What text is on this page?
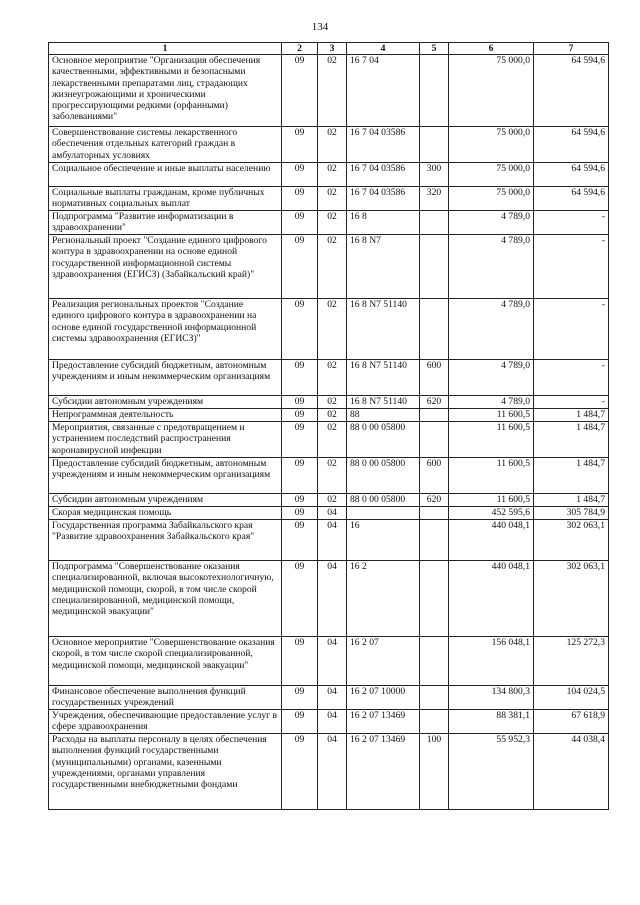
134
1	2	3	4	5	6	7
Основное мероприятие "Организация обеспечения качественными, эффективными и безопасными лекарственными препаратами лиц, страдающих жизнеугрожающими и хроническими прогрессирующими редкими (орфанными) заболеваниями"	09	02	16 7 04		75 000,0	64 594,6
Совершенствование системы лекарственного обеспечения отдельных категорий граждан в амбулаторных условиях	09	02	16 7 04 03586		75 000,0	64 594,6
Социальное обеспечение и иные выплаты населению	09	02	16 7 04 03586	300	75 000,0	64 594,6
Социальные выплаты гражданам, кроме публичных нормативных социальных выплат	09	02	16 7 04 03586	320	75 000,0	64 594,6
Подпрограмма "Развитие информатизации в здравоохранении"	09	02	16 8		4 789,0	-
Региональный проект "Создание единого цифрового контура в здравоохранении на основе единой государственной информационной системы здравоохранения (ЕГИСЗ) (Забайкальский край)"	09	02	16 8 N7		4 789,0	-
Реализация региональных проектов "Создание единого цифрового контура в здравоохранении на основе единой государственной информационной системы здравоохранения (ЕГИСЗ)"	09	02	16 8 N7 51140		4 789,0	-
Предоставление субсидий бюджетным, автономным учреждениям и иным некоммерческим организациям	09	02	16 8 N7 51140	600	4 789,0	-
Субсидии автономным учреждениям	09	02	16 8 N7 51140	620	4 789,0	-
Непрограммная деятельность	09	02	88		11 600,5	1 484,7
Мероприятия, связанные с предотвращением и устранением последствий распространения коронавирусной инфекции	09	02	88 0 00 05800		11 600,5	1 484,7
Предоставление субсидий бюджетным, автономным учреждениям и иным некоммерческим организациям	09	02	88 0 00 05800	600	11 600,5	1 484,7
Субсидии автономным учреждениям	09	02	88 0 00 05800	620	11 600,5	1 484,7
Скорая медицинская помощь	09	04			452 595,6	305 784,9
Государственная программа Забайкальского края "Развитие здравоохранения Забайкальского края"	09	04	16		440 048,1	302 063,1
Подпрограмма "Совершенствование оказания специализированной, включая высокотехнологичную, медицинской помощи, скорой, в том числе скорой специализированной, медицинской помощи, медицинской эвакуации"	09	04	16 2		440 048,1	302 063,1
Основное мероприятие "Совершенствование оказания скорой, в том числе скорой специализированной, медицинской помощи, медицинской эвакуации"	09	04	16 2 07		156 048,1	125 272,3
Финансовое обеспечение выполнения функций государственных учреждений	09	04	16 2 07 10000		134 800,3	104 024,5
Учреждения, обеспечивающие предоставление услуг в сфере здравоохранения	09	04	16 2 07 13469		88 381,1	67 618,9
Расходы на выплаты персоналу в целях обеспечения выполнения функций государственными (муниципальными) органами, казенными учреждениями, органами управления государственными внебюджетными фондами	09	04	16 2 07 13469	100	55 952,3	44 038,4
